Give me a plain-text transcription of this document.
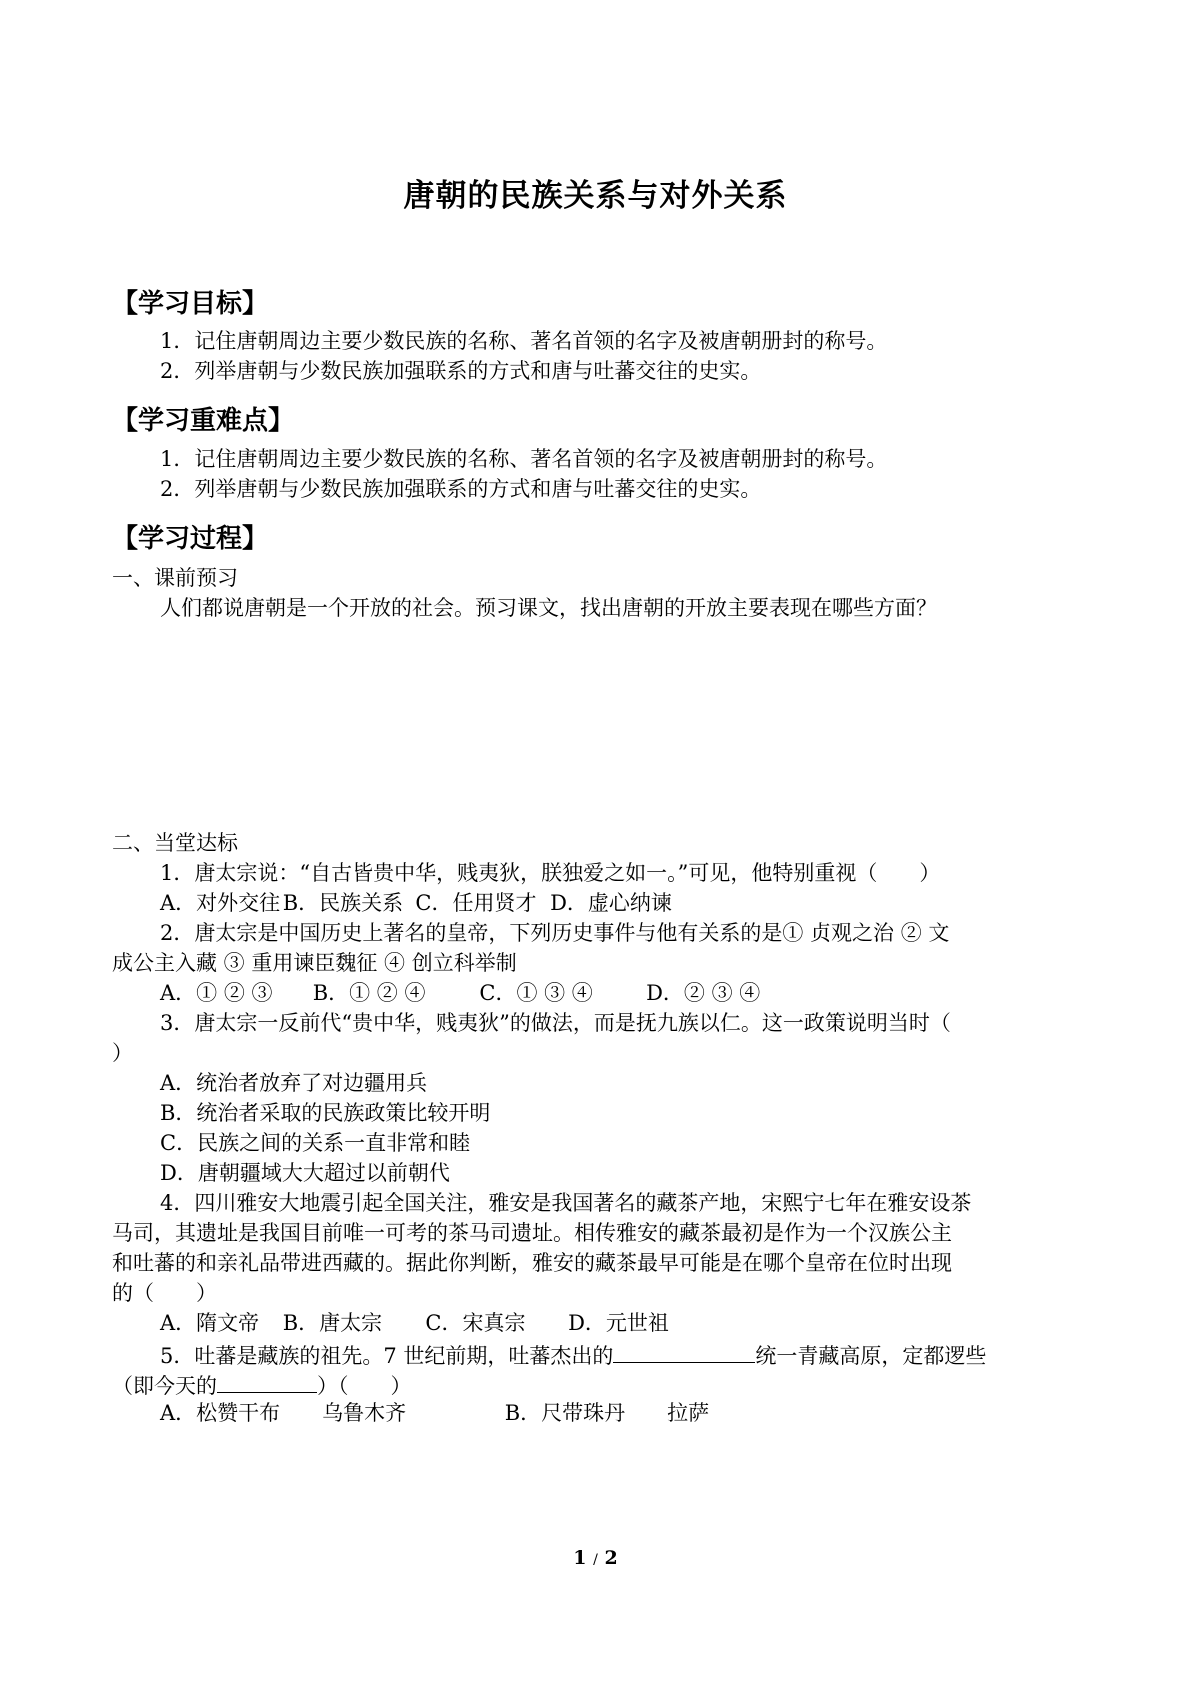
唐朝的民族关系与对外关系
【学习目标】
1．记住唐朝周边主要少数民族的名称、著名首领的名字及被唐朝册封的称号。
2．列举唐朝与少数民族加强联系的方式和唐与吐蕃交往的史实。
【学习重难点】
1．记住唐朝周边主要少数民族的名称、著名首领的名字及被唐朝册封的称号。
2．列举唐朝与少数民族加强联系的方式和唐与吐蕃交往的史实。
【学习过程】
一、课前预习
人们都说唐朝是一个开放的社会。预习课文，找出唐朝的开放主要表现在哪些方面？
二、当堂达标
1．唐太宗说：“自古皆贵中华，贱夷狄，朕独爱之如一。”可见，他特别重视（　　）
A．对外交往 B．民族关系 C．任用贤才 D．虚心纳谏
2．唐太宗是中国历史上著名的皇帝，下列历史事件与他有关系的是① 贞观之治 ② 文
成公主入藏 ③ 重用谏臣魏征 ④ 创立科举制
A．① ② ③ B．① ② ④	C．① ③ ④	D．② ③ ④
3．唐太宗一反前代“贵中华，贱夷狄”的做法，而是抚九族以仁。这一政策说明当时（
）
A．统治者放弃了对边疆用兵
B．统治者采取的民族政策比较开明
C．民族之间的关系一直非常和睦
D．唐朝疆域大大超过以前朝代
4．四川雅安大地震引起全国关注，雅安是我国著名的藏茶产地，宋熙宁七年在雅安设茶
马司，其遗址是我国目前唯一可考的茶马司遗址。相传雅安的藏茶最初是作为一个汉族公主
和吐蕃的和亲礼品带进西藏的。据此你判断，雅安的藏茶最早可能是在哪个皇帝在位时出现
的（　　）
A．隋文帝 B．唐太宗 C．宋真宗 D．元世祖
5．吐蕃是藏族的祖先。7 世纪前期，吐蕃杰出的	统一青藏高原，定都逻些
（即今天的	）（　　）
A．松赞干布　　乌鲁木齐	B．尺带珠丹　　拉萨
1 / 2
